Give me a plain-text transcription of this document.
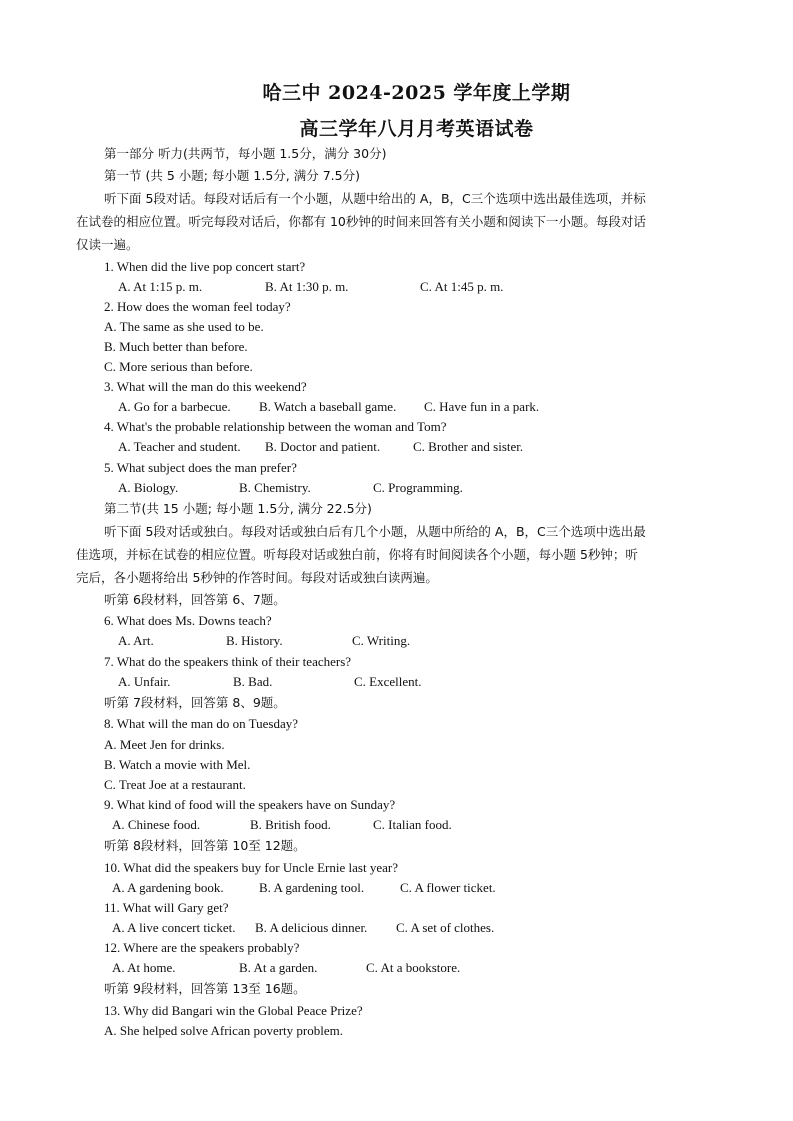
哈三中 2024-2025 学年度上学期
高三学年八月月考英语试卷
第一部分 听力(共两节，每小题 1.5分，满分 30分)
第一节 (共 5 小题; 每小题 1.5分, 满分 7.5分)
听下面 5段对话。每段对话后有一个小题，从题中给出的 A，B，C三个选项中选出最佳选项，并标
在试卷的相应位置。听完每段对话后，你都有 10秒钟的时间来回答有关小题和阅读下一小题。每段对话
仅读一遍。
1. When did the live pop concert start?
A. At 1:15 p. m.	B. At 1:30 p. m.	C. At 1:45 p. m.
2. How does the woman feel today?
A. The same as she used to be.
B. Much better than before.
C. More serious than before.
3. What will the man do this weekend?
A. Go for a barbecue. B. Watch a baseball game. C. Have fun in a park.
4. What's the probable relationship between the woman and Tom?
A. Teacher and student. B. Doctor and patient.	C. Brother and sister.
5. What subject does the man prefer?
A. Biology.	B. Chemistry.	C. Programming.
第二节(共 15 小题; 每小题 1.5分, 满分 22.5分)
听下面 5段对话或独白。每段对话或独白后有几个小题，从题中所给的 A，B，C三个选项中选出最
佳选项，并标在试卷的相应位置。听每段对话或独白前，你将有时间阅读各个小题，每小题 5秒钟；听
完后，各小题将给出 5秒钟的作答时间。每段对话或独白读两遍。
听第 6段材料，回答第 6、7题。
6. What does Ms. Downs teach?
A. Art.	B. History.	C. Writing.
7. What do the speakers think of their teachers?
A. Unfair.	B. Bad.	C. Excellent.
听第 7段材料，回答第 8、9题。
8. What will the man do on Tuesday?
A. Meet Jen for drinks.
B. Watch a movie with Mel.
C. Treat Joe at a restaurant.
9. What kind of food will the speakers have on Sunday?
A. Chinese food.	B. British food.	C. Italian food.
听第 8段材料，回答第 10至 12题。
10. What did the speakers buy for Uncle Ernie last year?
A. A gardening book.	B. A gardening tool.	C. A flower ticket.
11. What will Gary get?
A. A live concert ticket. B. A delicious dinner. C. A set of clothes.
12. Where are the speakers probably?
A. At home.	B. At a garden.	C. At a bookstore.
听第 9段材料，回答第 13至 16题。
13. Why did Bangari win the Global Peace Prize?
A. She helped solve African poverty problem.
